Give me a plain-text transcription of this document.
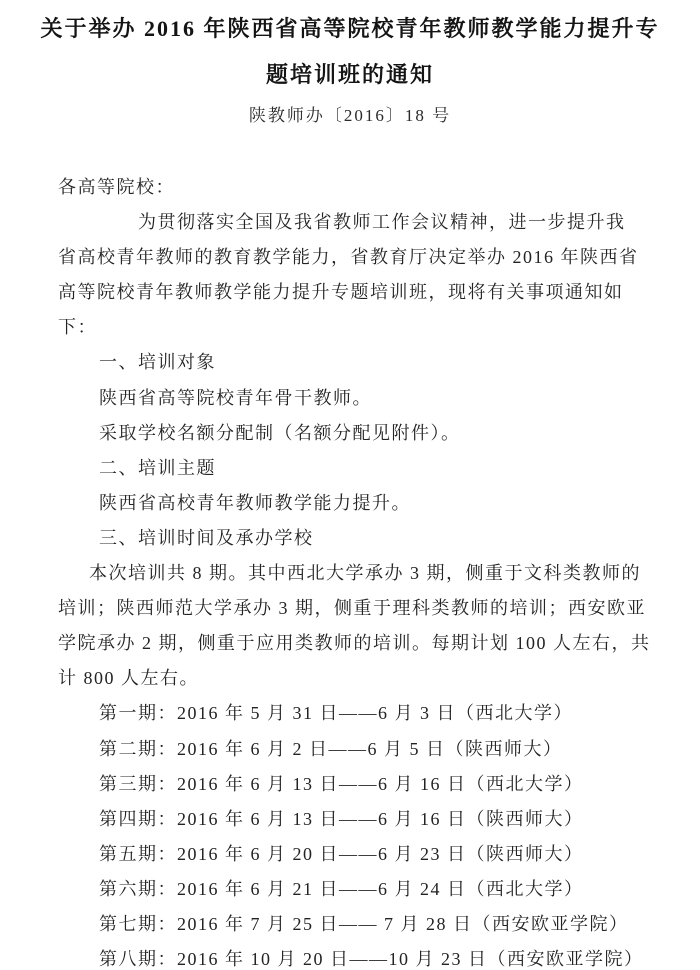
关于举办 2016 年陕西省高等院校青年教师教学能力提升专
题培训班的通知
陕教师办〔2016〕18 号
各高等院校：
为贯彻落实全国及我省教师工作会议精神，进一步提升我
省高校青年教师的教育教学能力，省教育厅决定举办 2016 年陕西省
高等院校青年教师教学能力提升专题培训班，现将有关事项通知如
下：
一、培训对象
陕西省高等院校青年骨干教师。
采取学校名额分配制（名额分配见附件）。
二、培训主题
陕西省高校青年教师教学能力提升。
三、培训时间及承办学校
本次培训共 8 期。其中西北大学承办 3 期，侧重于文科类教师的
培训；陕西师范大学承办 3 期，侧重于理科类教师的培训；西安欧亚
学院承办 2 期，侧重于应用类教师的培训。每期计划 100 人左右，共
计 800 人左右。
第一期：2016 年 5 月 31 日——6 月 3 日（西北大学）
第二期：2016 年 6 月 2 日——6 月 5 日（陕西师大）
第三期：2016 年 6 月 13 日——6 月 16 日（西北大学）
第四期：2016 年 6 月 13 日——6 月 16 日（陕西师大）
第五期：2016 年 6 月 20 日——6 月 23 日（陕西师大）
第六期：2016 年 6 月 21 日——6 月 24 日（西北大学）
第七期：2016 年 7 月 25 日—— 7 月 28 日（西安欧亚学院）
第八期：2016 年 10 月 20 日——10 月 23 日（西安欧亚学院）
